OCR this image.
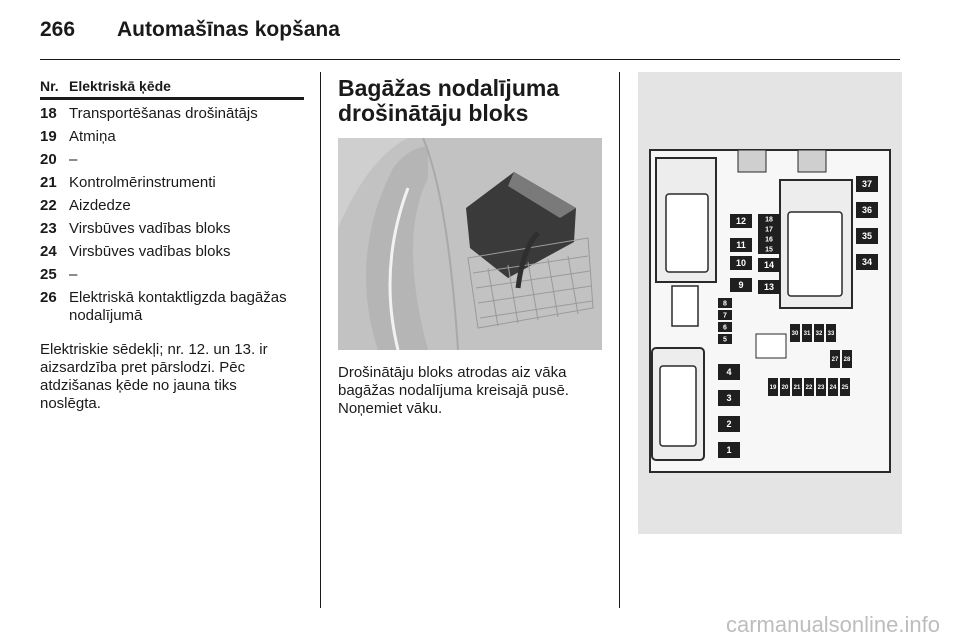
266 Automašīnas kopšana
Nr. Elektriskā ķēde
18 Transportēšanas drošinātājs
19 Atmiņa
20 –
21 Kontrolmērinstrumenti
22 Aizdedze
23 Virsbūves vadības bloks
24 Virsbūves vadības bloks
25 –
26 Elektriskā kontaktligzda bagāžas nodalījumā
Elektriskie sēdekļi; nr. 12. un 13. ir aizsardzība pret pārslodzi. Pēc atdzišanas ķēde no jauna tiks noslēgta.
Bagāžas nodalījuma drošinātāju bloks

Drošinātāju bloks atrodas aiz vāka bagāžas nodalījuma kreisajā pusē.

Noņemiet vāku.

8
7
6
5
4
3
2
1
12	18
17
16
11	15
10 14
9 13
37
36
35
34
30 31 32 33
27 28
19 20 21 22 23 24 25
carmanualsonline.info
